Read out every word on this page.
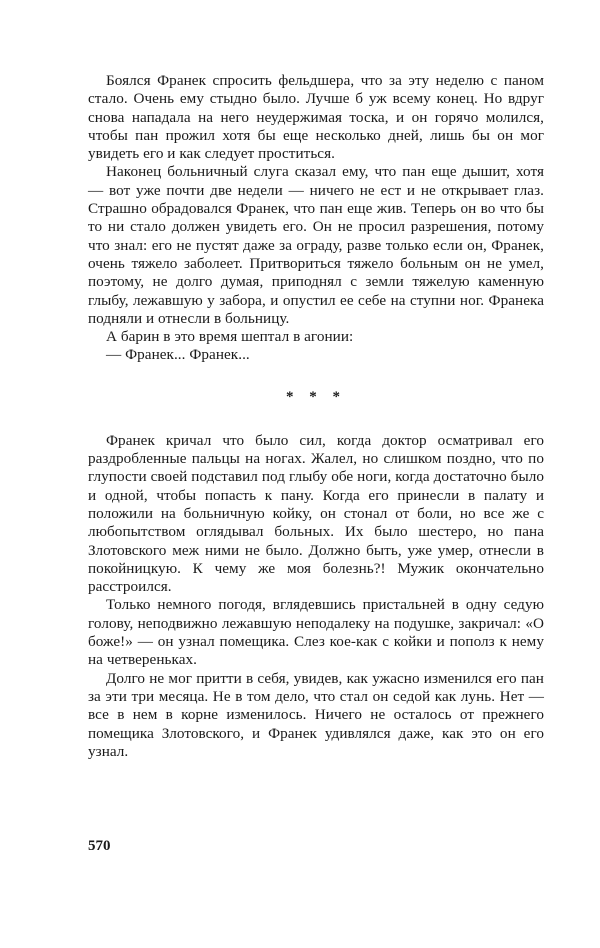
Боялся Франек спросить фельдшера, что за эту неделю с паном стало. Очень ему стыдно было. Лучше б уж всему конец. Но вдруг снова нападала на него неудержимая тоска, и он горячо молился, чтобы пан прожил хотя бы еще несколько дней, лишь бы он мог увидеть его и как следует проститься.

Наконец больничный слуга сказал ему, что пан еще дышит, хотя — вот уже почти две недели — ничего не ест и не открывает глаз. Страшно обрадовался Франек, что пан еще жив. Теперь он во что бы то ни стало должен увидеть его. Он не просил разрешения, потому что знал: его не пустят даже за ограду, разве только если он, Франек, очень тяжело заболеет. Притвориться тяжело больным он не умел, поэтому, не долго думая, приподнял с земли тяжелую каменную глыбу, лежавшую у забора, и опустил ее себе на ступни ног. Франека подняли и отнесли в больницу.

А барин в это время шептал в агонии:

— Франек... Франек...

* * *

Франек кричал что было сил, когда доктор осматривал его раздробленные пальцы на ногах. Жалел, но слишком поздно, что по глупости своей подставил под глыбу обе ноги, когда достаточно было и одной, чтобы попасть к пану. Когда его принесли в палату и положили на больничную койку, он стонал от боли, но все же с любопытством оглядывал больных. Их было шестеро, но пана Злотовского меж ними не было. Должно быть, уже умер, отнесли в покойницкую. К чему же моя болезнь?! Мужик окончательно расстроился.

Только немного погодя, вглядевшись пристальней в одну седую голову, неподвижно лежавшую неподалеку на подушке, закричал: «О боже!» — он узнал помещика. Слез кое-как с койки и пополз к нему на четвереньках.

Долго не мог притти в себя, увидев, как ужасно изменился его пан за эти три месяца. Не в том дело, что стал он седой как лунь. Нет — все в нем в корне изменилось. Ничего не осталось от прежнего помещика Злотовского, и Франек удивлялся даже, как это он его узнал.

570
